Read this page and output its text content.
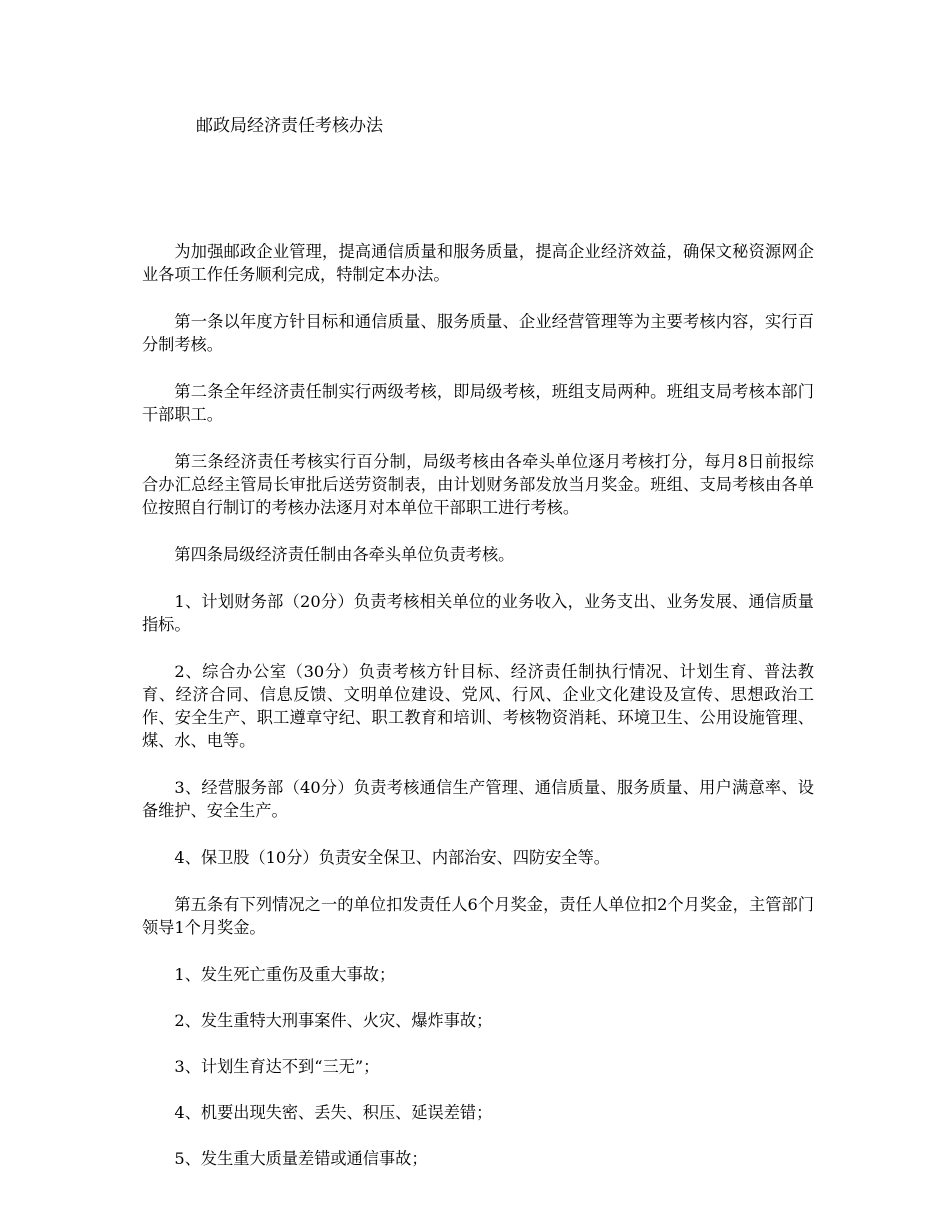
邮政局经济责任考核办法

为加强邮政企业管理，提高通信质量和服务质量，提高企业经济效益，确保文秘资源网企业各项工作任务顺利完成，特制定本办法。

第一条以年度方针目标和通信质量、服务质量、企业经营管理等为主要考核内容，实行百分制考核。

第二条全年经济责任制实行两级考核，即局级考核，班组支局两种。班组支局考核本部门干部职工。

第三条经济责任考核实行百分制，局级考核由各牵头单位逐月考核打分，每月8日前报综合办汇总经主管局长审批后送劳资制表，由计划财务部发放当月奖金。班组、支局考核由各单位按照自行制订的考核办法逐月对本单位干部职工进行考核。

第四条局级经济责任制由各牵头单位负责考核。

1、计划财务部（20分）负责考核相关单位的业务收入，业务支出、业务发展、通信质量指标。

2、综合办公室（30分）负责考核方针目标、经济责任制执行情况、计划生育、普法教育、经济合同、信息反馈、文明单位建设、党风、行风、企业文化建设及宣传、思想政治工作、安全生产、职工遵章守纪、职工教育和培训、考核物资消耗、环境卫生、公用设施管理、煤、水、电等。

3、经营服务部（40分）负责考核通信生产管理、通信质量、服务质量、用户满意率、设备维护、安全生产。

4、保卫股（10分）负责安全保卫、内部治安、四防安全等。

第五条有下列情况之一的单位扣发责任人6个月奖金，责任人单位扣2个月奖金，主管部门领导1个月奖金。

1、发生死亡重伤及重大事故；

2、发生重特大刑事案件、火灾、爆炸事故；

3、计划生育达不到“三无”；

4、机要出现失密、丢失、积压、延误差错；

5、发生重大质量差错或通信事故；
